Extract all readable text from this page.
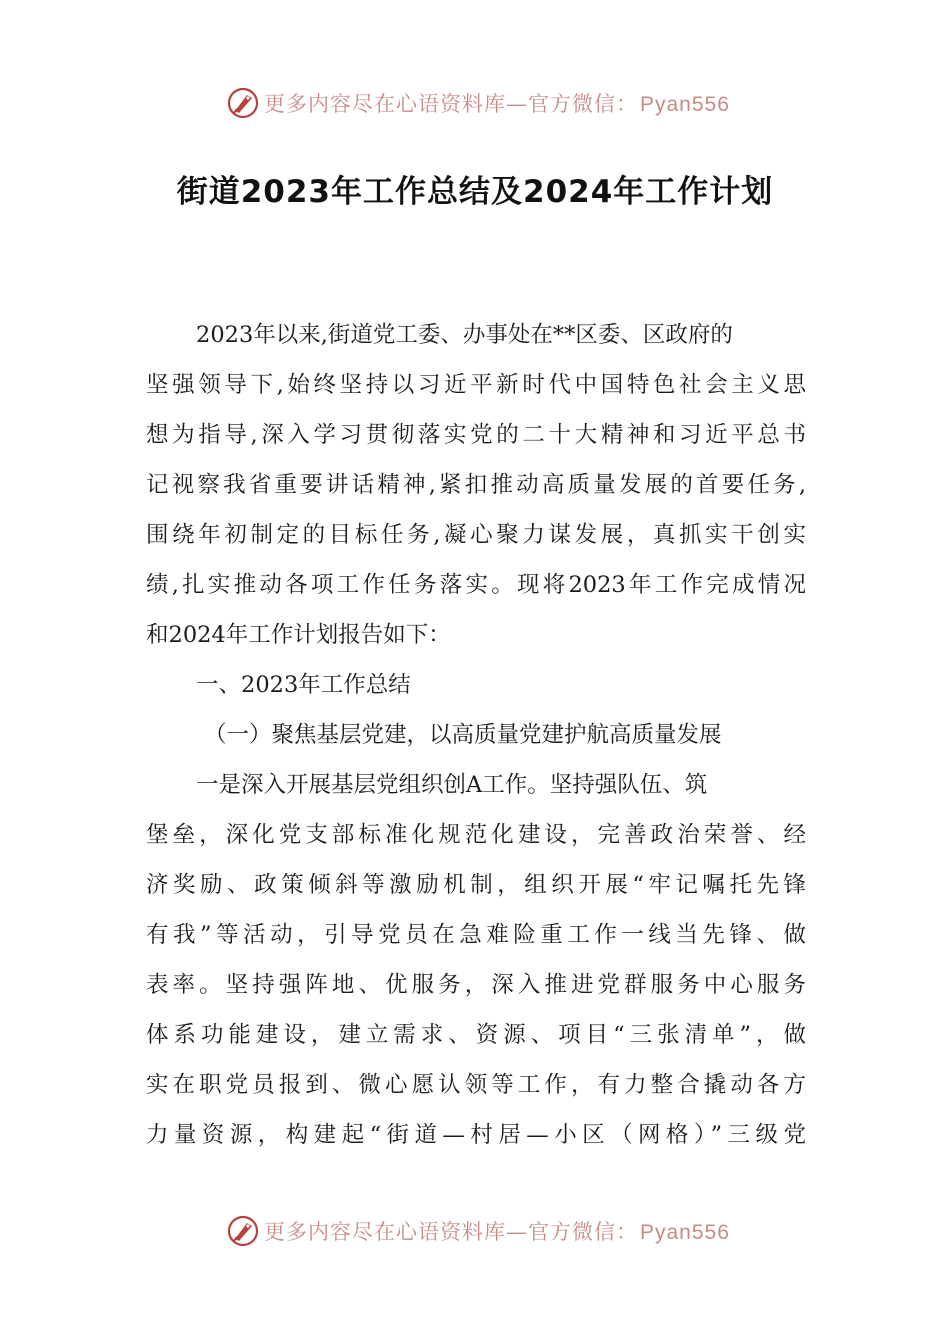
更多内容尽在心语资料库—官方微信：Pyan556
街道2023年工作总结及2024年工作计划
2023年以来,街道党工委、办事处在**区委、区政府的
坚强领导下,始终坚持以习近平新时代中国特色社会主义思
想为指导,深入学习贯彻落实党的二十大精神和习近平总书
记视察我省重要讲话精神,紧扣推动高质量发展的首要任务,
围绕年初制定的目标任务,凝心聚力谋发展，真抓实干创实
绩,扎实推动各项工作任务落实。现将2023年工作完成情况
和2024年工作计划报告如下：
一、2023年工作总结
（一）聚焦基层党建，以高质量党建护航高质量发展
一是深入开展基层党组织创A工作。坚持强队伍、筑
堡垒，深化党支部标准化规范化建设，完善政治荣誉、经
济奖励、政策倾斜等激励机制，组织开展“牢记嘱托先锋
有我”等活动，引导党员在急难险重工作一线当先锋、做
表率。坚持强阵地、优服务，深入推进党群服务中心服务
体系功能建设，建立需求、资源、项目“三张清单”，做
实在职党员报到、微心愿认领等工作，有力整合撬动各方
力量资源，构建起“街道—村居—小区（网格）”三级党
更多内容尽在心语资料库—官方微信：Pyan556
